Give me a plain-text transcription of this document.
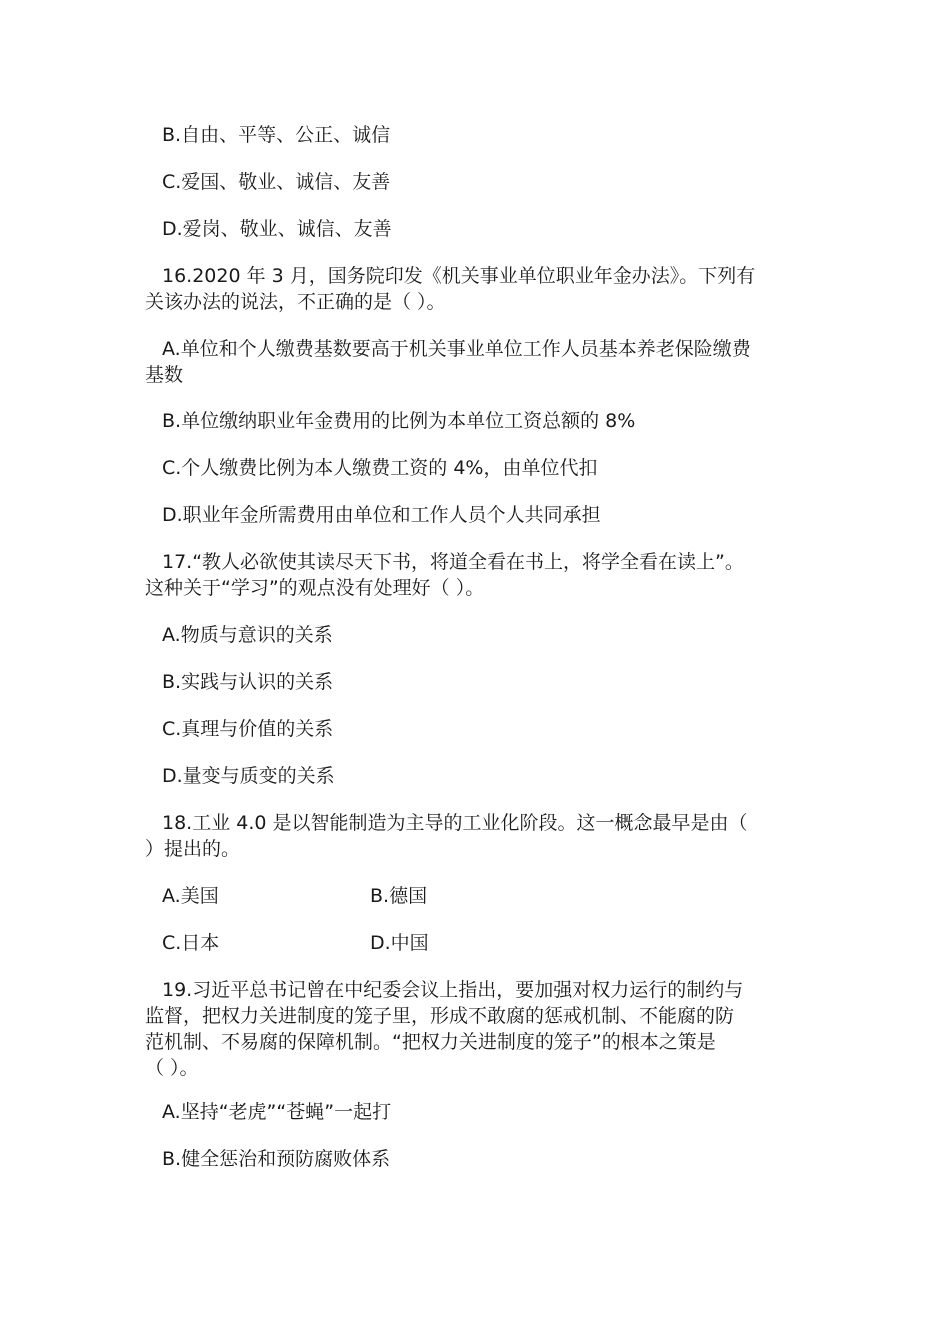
B.自由、平等、公正、诚信
C.爱国、敬业、诚信、友善
D.爱岗、敬业、诚信、友善
16.2020 年 3 月，国务院印发《机关事业单位职业年金办法》。下列有
关该办法的说法，不正确的是（ ）。
A.单位和个人缴费基数要高于机关事业单位工作人员基本养老保险缴费
基数
B.单位缴纳职业年金费用的比例为本单位工资总额的 8%
C.个人缴费比例为本人缴费工资的 4%，由单位代扣
D.职业年金所需费用由单位和工作人员个人共同承担
17.“教人必欲使其读尽天下书，将道全看在书上，将学全看在读上”。
这种关于“学习”的观点没有处理好（ ）。
A.物质与意识的关系
B.实践与认识的关系
C.真理与价值的关系
D.量变与质变的关系
18.工业 4.0 是以智能制造为主导的工业化阶段。这一概念最早是由（
）提出的。
A.美国	B.德国
C.日本	D.中国
19.习近平总书记曾在中纪委会议上指出，要加强对权力运行的制约与
监督，把权力关进制度的笼子里，形成不敢腐的惩戒机制、不能腐的防
范机制、不易腐的保障机制。“把权力关进制度的笼子”的根本之策是
（ ）。
A.坚持“老虎”“苍蝇”一起打
B.健全惩治和预防腐败体系
